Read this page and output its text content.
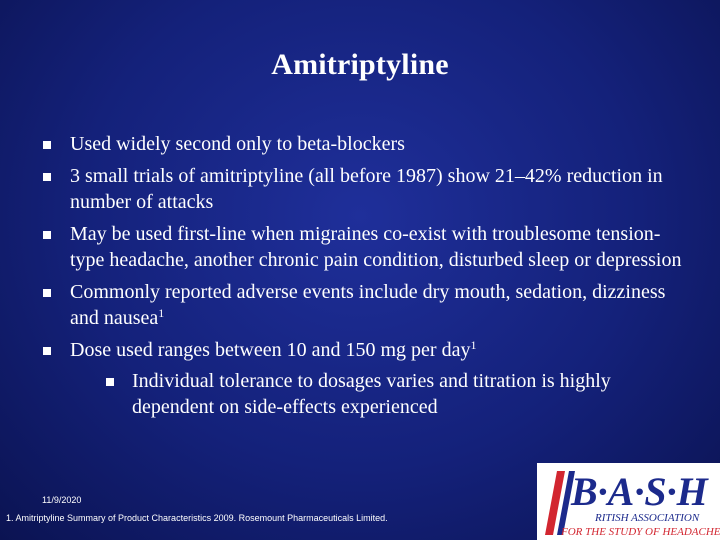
Amitriptyline
Used widely second only to beta-blockers
3 small trials of amitriptyline (all before 1987) show 21–42% reduction in number of attacks
May be used first-line when migraines co-exist with troublesome tension-type headache, another chronic pain condition, disturbed sleep or depression
Commonly reported adverse events include dry mouth, sedation, dizziness and nausea$^1$
Dose used ranges between 10 and 150 mg per day$^1$
Individual tolerance to dosages varies and titration is highly dependent on side-effects experienced
11/9/2020
1. Amitriptyline Summary of Product Characteristics 2009. Rosemount Pharmaceuticals Limited.
B·A·S·H
RITISH ASSOCIATION
FOR THE STUDY OF HEADACHE
